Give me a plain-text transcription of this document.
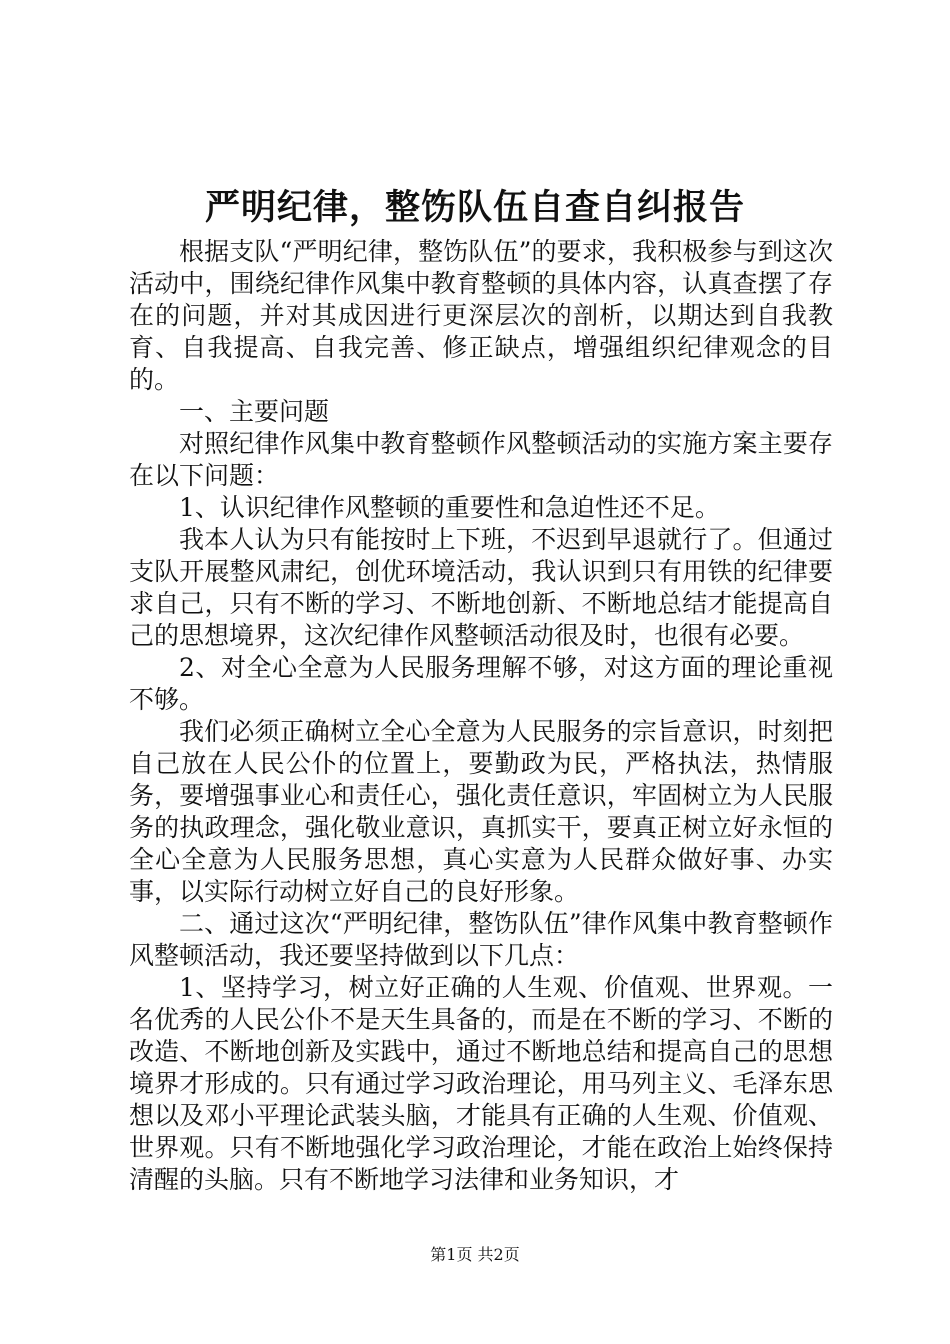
严明纪律，整饬队伍自查自纠报告

根据支队“严明纪律，整饬队伍”的要求，我积极参与到这次活动中，围绕纪律作风集中教育整顿的具体内容，认真查摆了存在的问题，并对其成因进行更深层次的剖析，以期达到自我教育、自我提高、自我完善、修正缺点，增强组织纪律观念的目的。

一、主要问题

对照纪律作风集中教育整顿作风整顿活动的实施方案主要存在以下问题：

1、认识纪律作风整顿的重要性和急迫性还不足。

我本人认为只有能按时上下班，不迟到早退就行了。但通过支队开展整风肃纪，创优环境活动，我认识到只有用铁的纪律要求自己，只有不断的学习、不断地创新、不断地总结才能提高自己的思想境界，这次纪律作风整顿活动很及时，也很有必要。

2、对全心全意为人民服务理解不够，对这方面的理论重视不够。

我们必须正确树立全心全意为人民服务的宗旨意识，时刻把自己放在人民公仆的位置上，要勤政为民，严格执法，热情服务，要增强事业心和责任心，强化责任意识，牢固树立为人民服务的执政理念，强化敬业意识，真抓实干，要真正树立好永恒的全心全意为人民服务思想，真心实意为人民群众做好事、办实事，以实际行动树立好自己的良好形象。

二、通过这次“严明纪律，整饬队伍”律作风集中教育整顿作风整顿活动，我还要坚持做到以下几点：

1、坚持学习，树立好正确的人生观、价值观、世界观。一名优秀的人民公仆不是天生具备的，而是在不断的学习、不断的改造、不断地创新及实践中，通过不断地总结和提高自己的思想境界才形成的。只有通过学习政治理论，用马列主义、毛泽东思想以及邓小平理论武装头脑，才能具有正确的人生观、价值观、世界观。只有不断地强化学习政治理论，才能在政治上始终保持清醒的头脑。只有不断地学习法律和业务知识，才

第1页 共2页
